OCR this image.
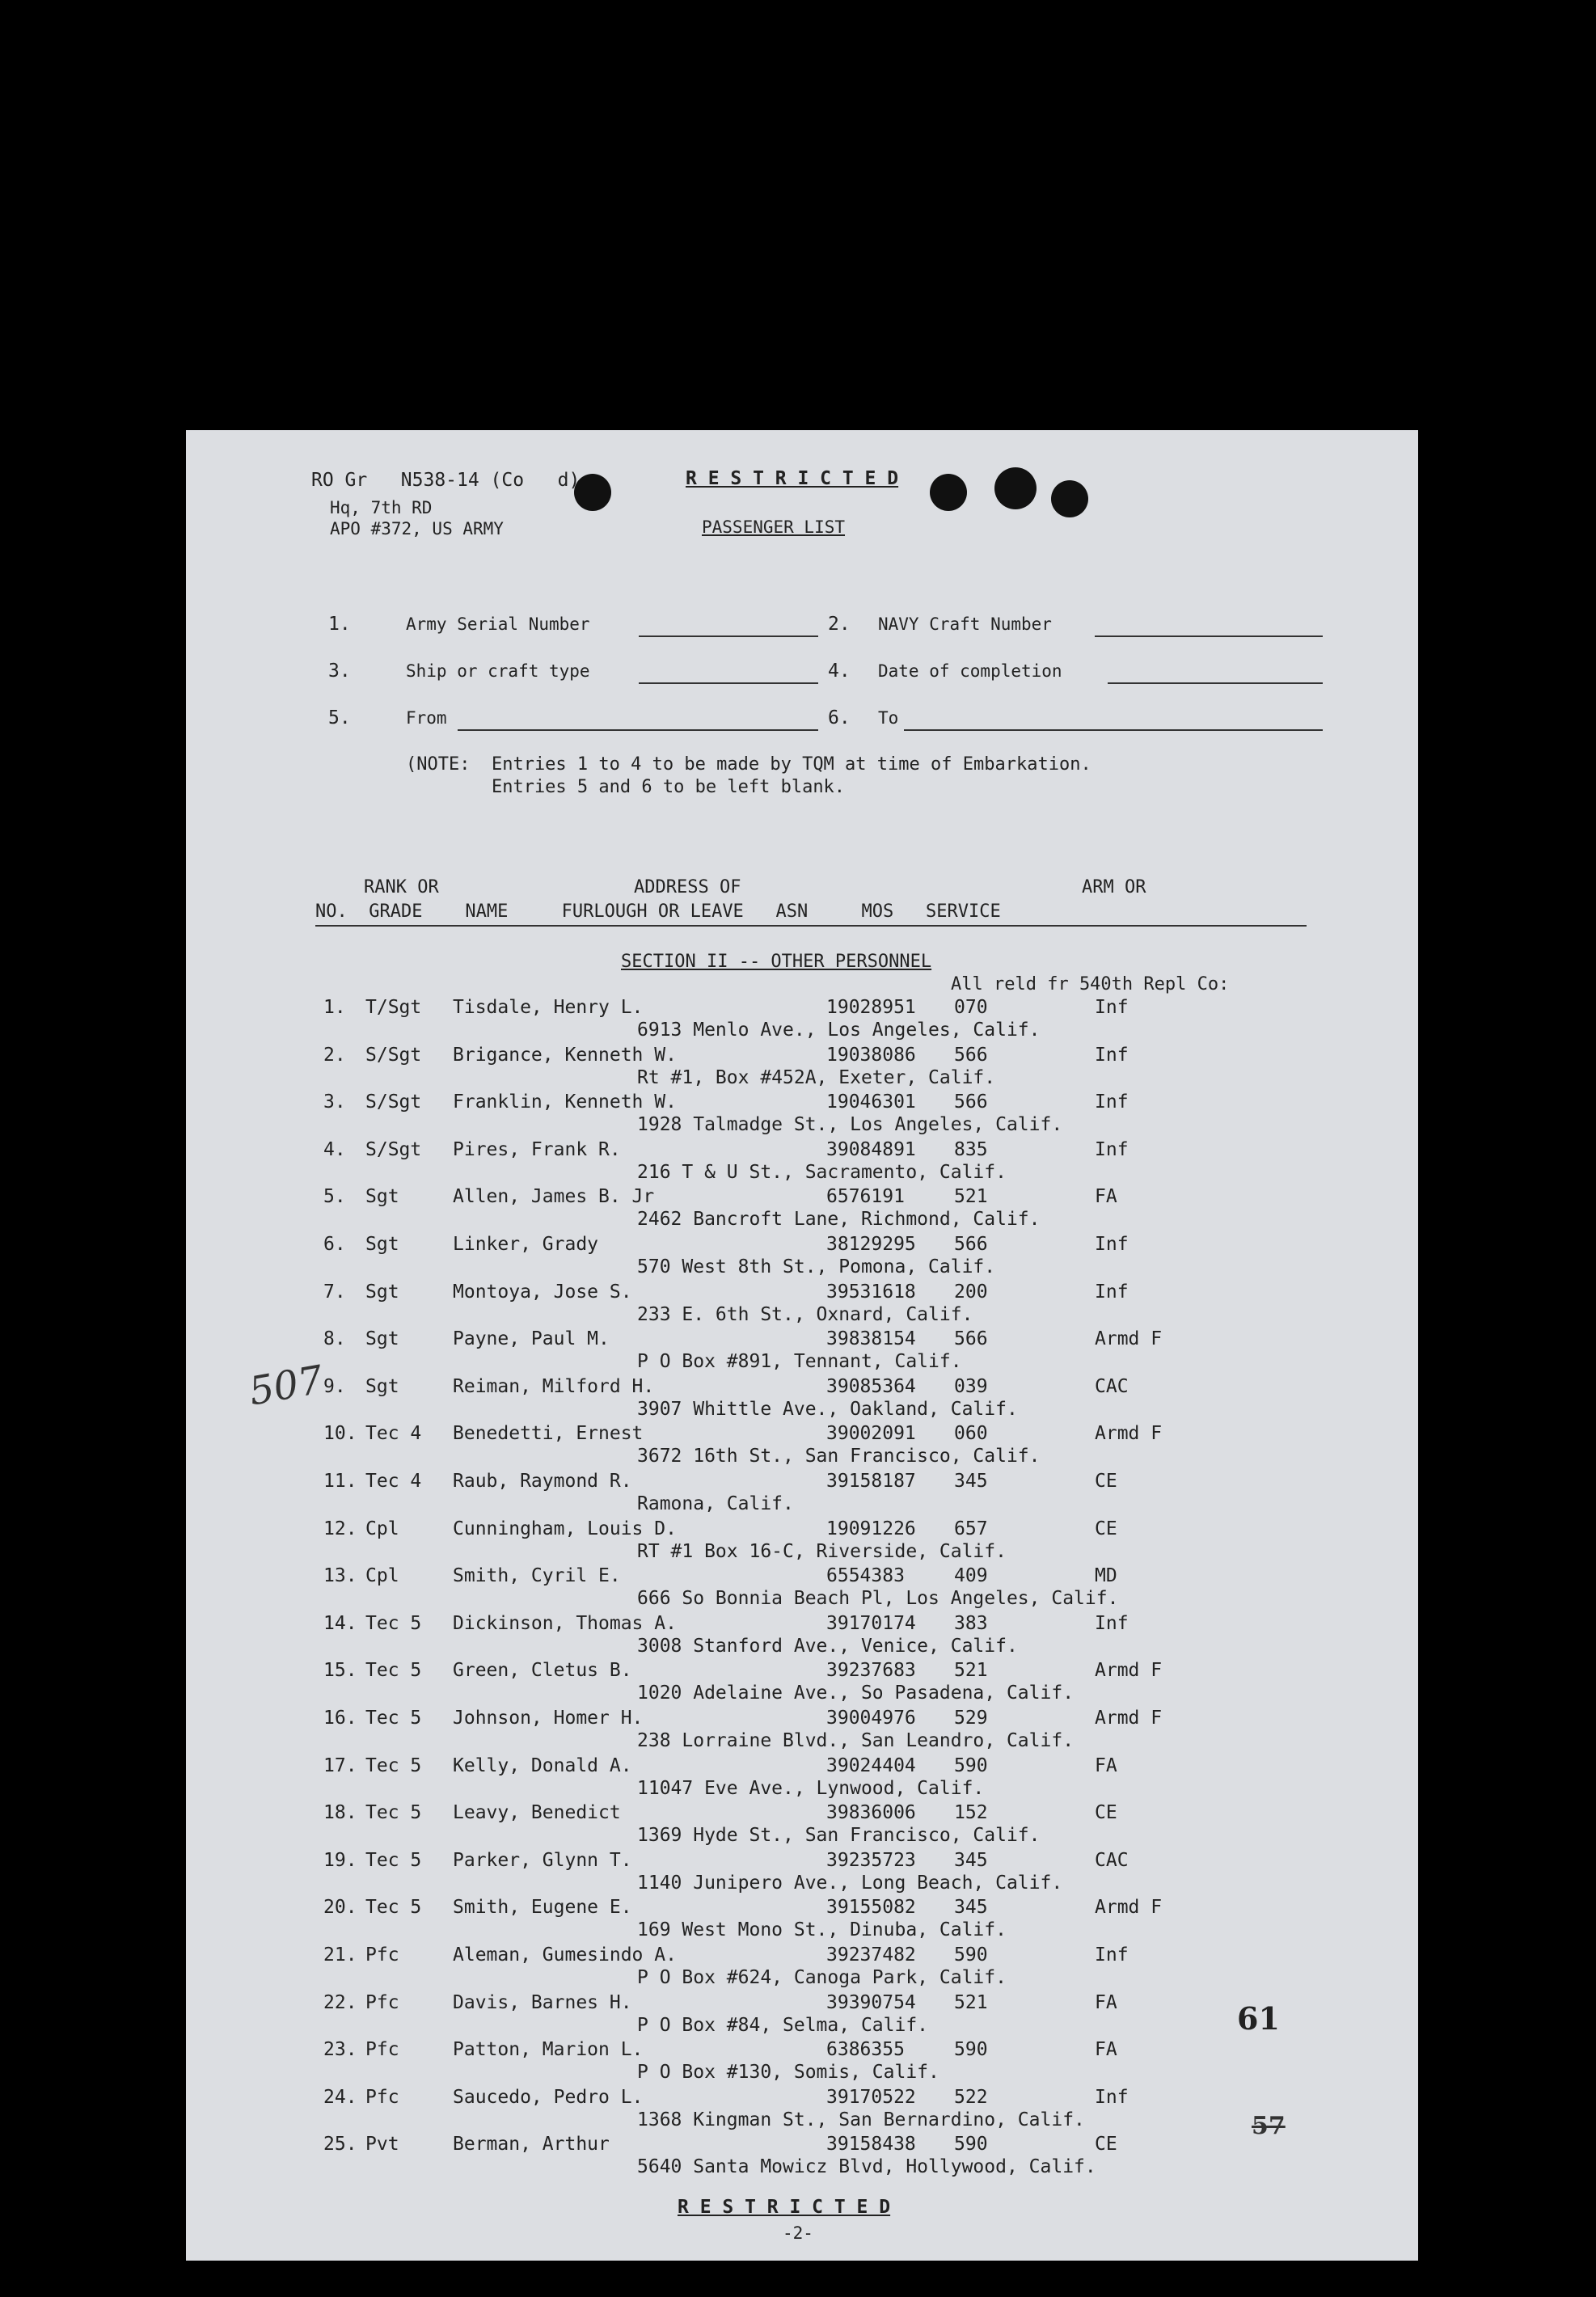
RO Gr   N538-14 (Co   d)
Hq, 7th RD
APO #372, US ARMY
R E S T R I C T E D
PASSENGER LIST
1.	Army Serial Number	2. NAVY Craft Number
3.	Ship or craft type	4. Date of completion
5.	From	6. To
(NOTE:  Entries 1 to 4 to be made by TQM at time of Embarkation.
Entries 5 and 6 to be left blank.
RANK OR	ADDRESS OF	ARM OR
NO.  GRADE    NAME     FURLOUGH OR LEAVE   ASN     MOS   SERVICE
SECTION II -- OTHER PERSONNEL
All reld fr 540th Repl Co:
1. T/Sgt Tisdale, Henry L.	19028951 070	Inf
6913 Menlo Ave., Los Angeles, Calif.
2. S/Sgt Brigance, Kenneth W.	19038086 566	Inf
Rt #1, Box #452A, Exeter, Calif.
3. S/Sgt Franklin, Kenneth W.	19046301 566	Inf
1928 Talmadge St., Los Angeles, Calif.
4. S/Sgt Pires, Frank R.	39084891 835	Inf
216 T & U St., Sacramento, Calif.
5. Sgt	Allen, James B. Jr	6576191	521	FA
2462 Bancroft Lane, Richmond, Calif.
6. Sgt	Linker, Grady	38129295 566	Inf
570 West 8th St., Pomona, Calif.
7. Sgt	Montoya, Jose S.	39531618 200	Inf
233 E. 6th St., Oxnard, Calif.
8. Sgt	Payne, Paul M.	39838154 566	Armd F
P O Box #891, Tennant, Calif.
9. Sgt	Reiman, Milford H.	39085364 039	CAC
3907 Whittle Ave., Oakland, Calif.
10. Tec 4 Benedetti, Ernest	39002091 060	Armd F
3672 16th St., San Francisco, Calif.
11. Tec 4 Raub, Raymond R.	39158187 345	CE
Ramona, Calif.
12. Cpl	Cunningham, Louis D.	19091226 657	CE
RT #1 Box 16-C, Riverside, Calif.
13. Cpl	Smith, Cyril E.	6554383	409	MD
666 So Bonnia Beach Pl, Los Angeles, Calif.
14. Tec 5 Dickinson, Thomas A.	39170174 383	Inf
3008 Stanford Ave., Venice, Calif.
15. Tec 5 Green, Cletus B.	39237683 521	Armd F
1020 Adelaine Ave., So Pasadena, Calif.
16. Tec 5 Johnson, Homer H.	39004976 529	Armd F
238 Lorraine Blvd., San Leandro, Calif.
17. Tec 5 Kelly, Donald A.	39024404 590	FA
11047 Eve Ave., Lynwood, Calif.
18. Tec 5 Leavy, Benedict	39836006 152	CE
1369 Hyde St., San Francisco, Calif.
19. Tec 5 Parker, Glynn T.	39235723 345	CAC
1140 Junipero Ave., Long Beach, Calif.
20. Tec 5 Smith, Eugene E.	39155082 345	Armd F
169 West Mono St., Dinuba, Calif.
21. Pfc	Aleman, Gumesindo A.	39237482 590	Inf
P O Box #624, Canoga Park, Calif.
22. Pfc	Davis, Barnes H.	39390754 521	FA
P O Box #84, Selma, Calif.
23. Pfc	Patton, Marion L.	6386355	590	FA
P O Box #130, Somis, Calif.
24. Pfc	Saucedo, Pedro L.	39170522 522	Inf
1368 Kingman St., San Bernardino, Calif.
25. Pvt	Berman, Arthur	39158438 590	CE
5640 Santa Mowicz Blvd, Hollywood, Calif.
R E S T R I C T E D
-2-
61
57
507
